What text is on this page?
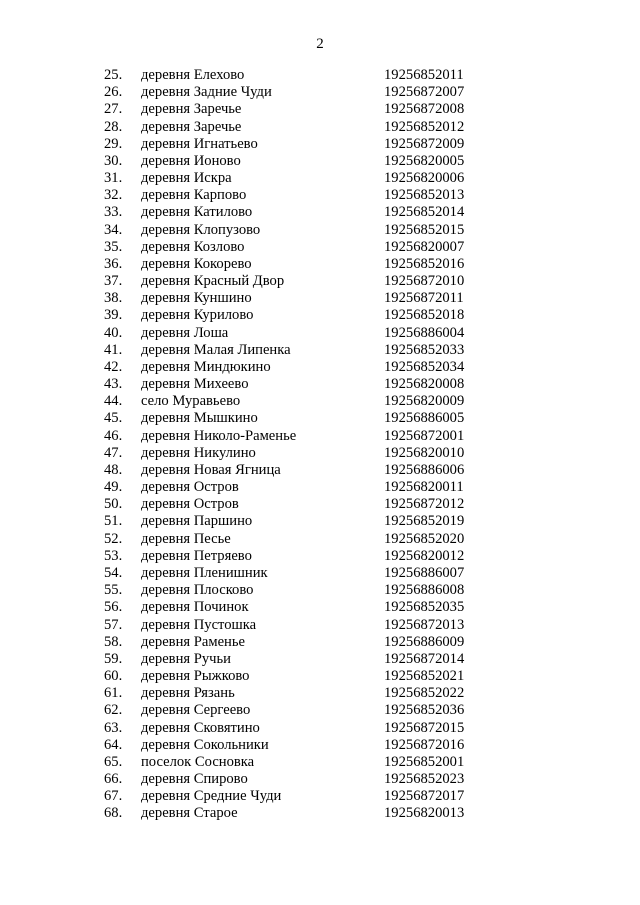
2
25. деревня Елехово	19256852011
26. деревня Задние Чуди	19256872007
27. деревня Заречье	19256872008
28. деревня Заречье	19256852012
29. деревня Игнатьево	19256872009
30. деревня Ионово	19256820005
31. деревня Искра	19256820006
32. деревня Карпово	19256852013
33. деревня Катилово	19256852014
34. деревня Клопузово	19256852015
35. деревня Козлово	19256820007
36. деревня Кокорево	19256852016
37. деревня Красный Двор	19256872010
38. деревня Куншино	19256872011
39. деревня Курилово	19256852018
40. деревня Лоша	19256886004
41. деревня Малая Липенка	19256852033
42. деревня Миндюкино	19256852034
43. деревня Михеево	19256820008
44. село Муравьево	19256820009
45. деревня Мышкино	19256886005
46. деревня Николо-Раменье	19256872001
47. деревня Никулино	19256820010
48. деревня Новая Ягница	19256886006
49. деревня Остров	19256820011
50. деревня Остров	19256872012
51. деревня Паршино	19256852019
52. деревня Песье	19256852020
53. деревня Петряево	19256820012
54. деревня Пленишник	19256886007
55. деревня Плосково	19256886008
56. деревня Починок	19256852035
57. деревня Пустошка	19256872013
58. деревня Раменье	19256886009
59. деревня Ручьи	19256872014
60. деревня Рыжково	19256852021
61. деревня Рязань	19256852022
62. деревня Сергеево	19256852036
63. деревня Сковятино	19256872015
64. деревня Сокольники	19256872016
65. поселок Сосновка	19256852001
66. деревня Спирово	19256852023
67. деревня Средние Чуди	19256872017
68. деревня Старое	19256820013
